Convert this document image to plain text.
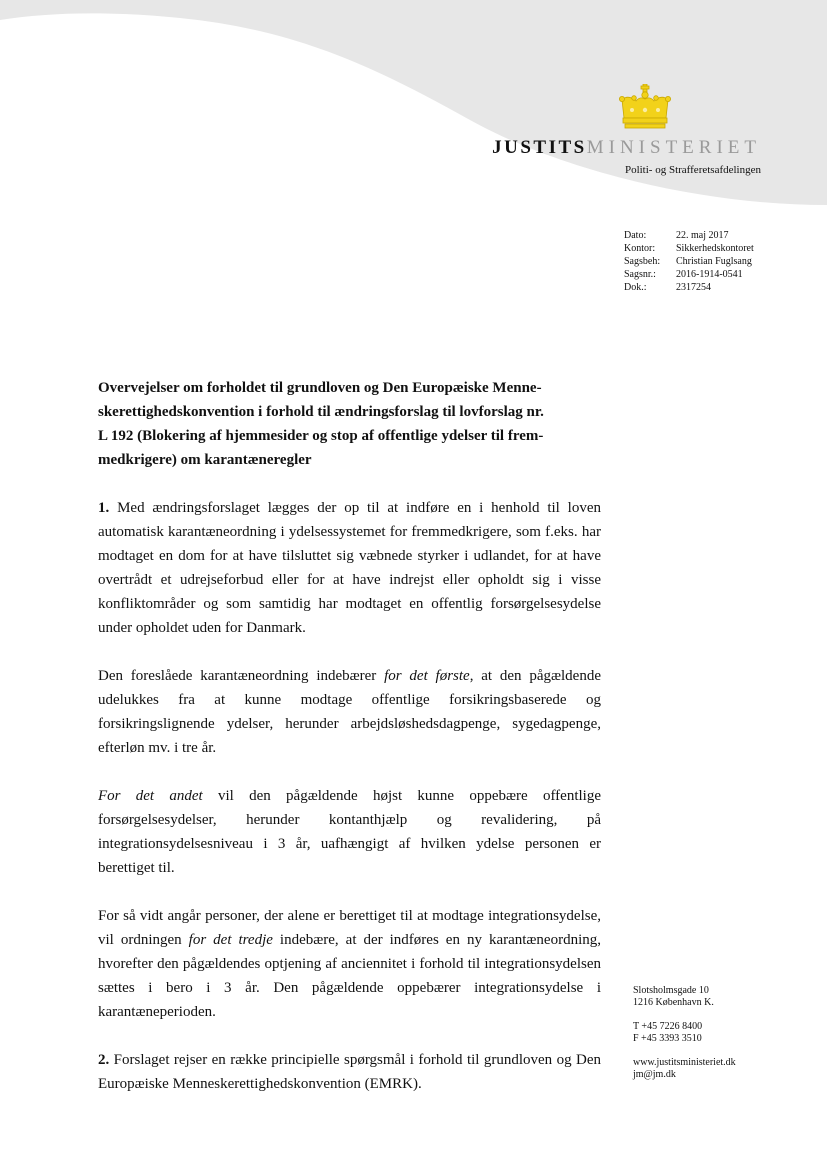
JUSTITSMINISTERIET
Politi- og Strafferetsafdelingen
Dato:	22. maj 2017
Kontor:	Sikkerhedskontoret
Sagsbeh:	Christian Fuglsang
Sagsnr.:	2016-1914-0541
Dok.:	2317254
Overvejelser om forholdet til grundloven og Den Europæiske Menne-
skerettighedskonvention i forhold til ændringsforslag til lovforslag nr.
L 192 (Blokering af hjemmesider og stop af offentlige ydelser til frem-
medkrigere) om karantæneregler

1. Med ændringsforslaget lægges der op til at indføre en i henhold til loven automatisk karantæneordning i ydelsessystemet for fremmedkrigere, som f.eks. har modtaget en dom for at have tilsluttet sig væbnede styrker i udlandet, for at have overtrådt et udrejseforbud eller for at have indrejst eller opholdt sig i visse konfliktområder og som samtidig har modtaget en offentlig forsørgelsesydelse under opholdet uden for Danmark.

Den foreslåede karantæneordning indebærer for det første, at den pågældende udelukkes fra at kunne modtage offentlige forsikringsbaserede og forsikringslignende ydelser, herunder arbejdsløshedsdagpenge, sygedagpenge, efterløn mv. i tre år.

For det andet vil den pågældende højst kunne oppebære offentlige forsørgelsesydelser, herunder kontanthjælp og revalidering, på integrationsydelsesniveau i 3 år, uafhængigt af hvilken ydelse personen er berettiget til.

For så vidt angår personer, der alene er berettiget til at modtage integrationsydelse, vil ordningen for det tredje indebære, at der indføres en ny karantæneordning, hvorefter den pågældendes optjening af anciennitet i forhold til integrationsydelsen sættes i bero i 3 år. Den pågældende oppebærer integrationsydelse i karantæneperioden.

2. Forslaget rejser en række principielle spørgsmål i forhold til grundloven og Den Europæiske Menneskerettighedskonvention (EMRK).

Slotsholmsgade 10
1216 København K.
T +45 7226 8400
F +45 3393 3510
www.justitsministeriet.dk
jm@jm.dk
